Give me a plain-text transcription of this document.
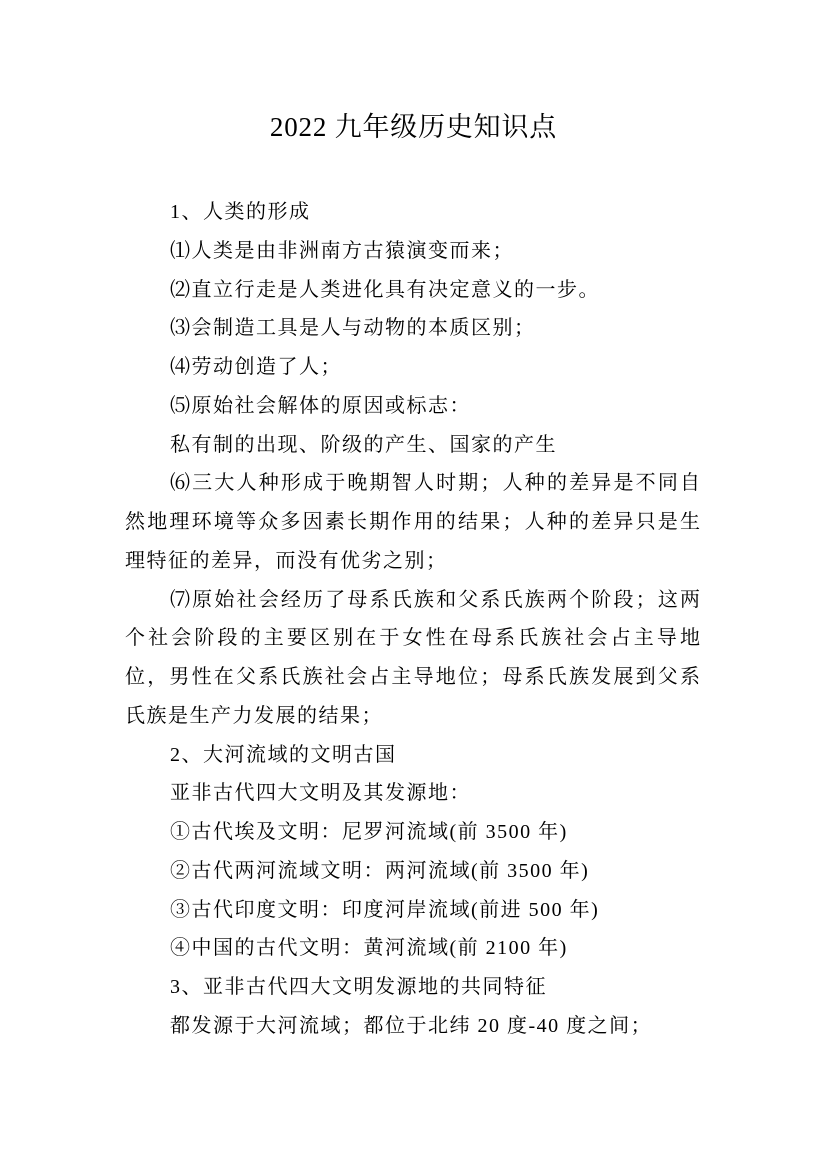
2022 九年级历史知识点
1、人类的形成
⑴人类是由非洲南方古猿演变而来；
⑵直立行走是人类进化具有决定意义的一步。
⑶会制造工具是人与动物的本质区别；
⑷劳动创造了人；
⑸原始社会解体的原因或标志：
私有制的出现、阶级的产生、国家的产生
⑹三大人种形成于晚期智人时期；人种的差异是不同自
然地理环境等众多因素长期作用的结果；人种的差异只是生
理特征的差异，而没有优劣之别；
⑺原始社会经历了母系氏族和父系氏族两个阶段；这两
个社会阶段的主要区别在于女性在母系氏族社会占主导地
位，男性在父系氏族社会占主导地位；母系氏族发展到父系
氏族是生产力发展的结果；
2、大河流域的文明古国
亚非古代四大文明及其发源地：
①古代埃及文明：尼罗河流域(前 3500 年)
②古代两河流域文明：两河流域(前 3500 年)
③古代印度文明：印度河岸流域(前进 500 年)
④中国的古代文明：黄河流域(前 2100 年)
3、亚非古代四大文明发源地的共同特征
都发源于大河流域；都位于北纬 20 度-40 度之间；
